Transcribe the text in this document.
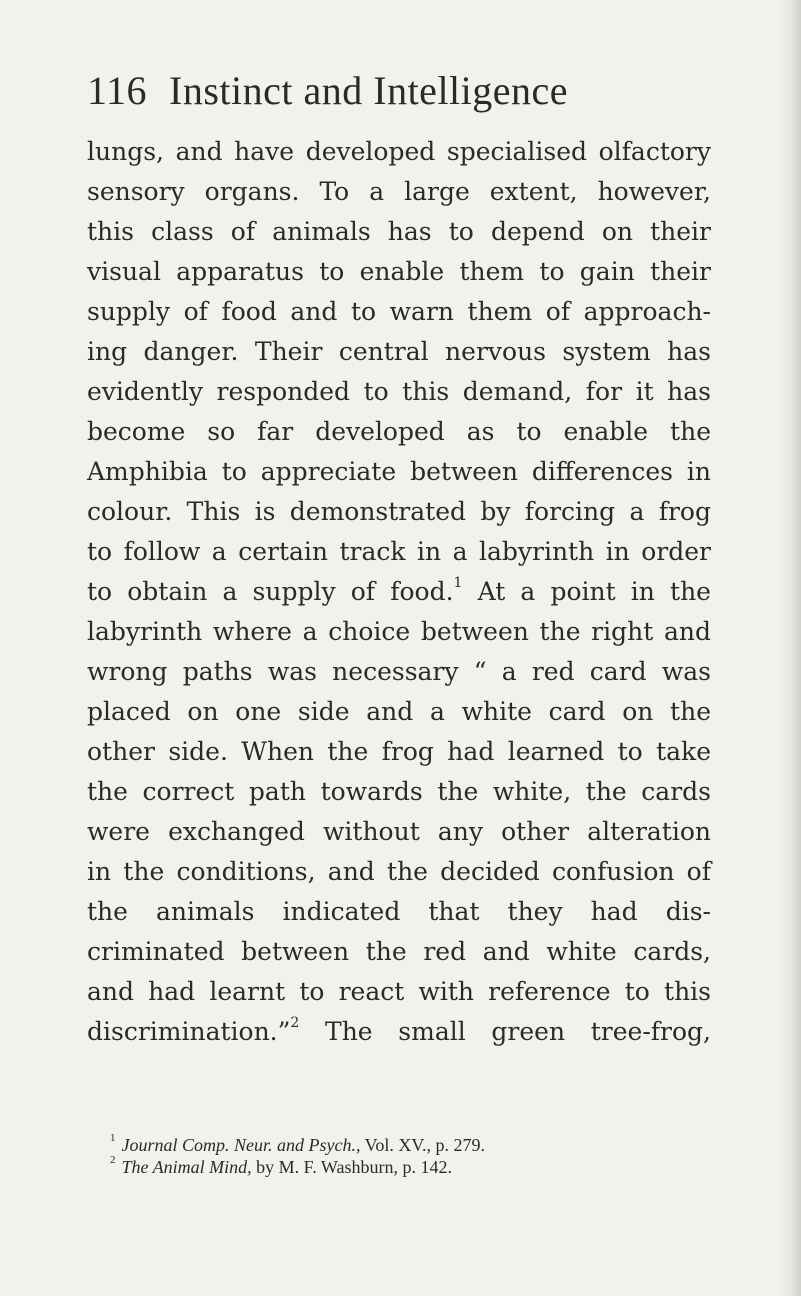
116 Instinct and Intelligence
lungs, and have developed specialised olfactory
sensory organs. To a large extent, however,
this class of animals has to depend on their
visual apparatus to enable them to gain their
supply of food and to warn them of approach-
ing danger. Their central nervous system has
evidently responded to this demand, for it has
become so far developed as to enable the
Amphibia to appreciate between differences in
colour. This is demonstrated by forcing a frog
to follow a certain track in a labyrinth in order
to obtain a supply of food.$^1$ At a point in the
labyrinth where a choice between the right and
wrong paths was necessary “ a red card was
placed on one side and a white card on the
other side. When the frog had learned to take
the correct path towards the white, the cards
were exchanged without any other alteration
in the conditions, and the decided confusion of
the animals indicated that they had dis-
criminated between the red and white cards,
and had learnt to react with reference to this
discrimination.”$^2$ The small green tree-frog,
$^1$ Journal Comp. Neur. and Psych., Vol. XV., p. 279.
$^2$ The Animal Mind, by M. F. Washburn, p. 142.
